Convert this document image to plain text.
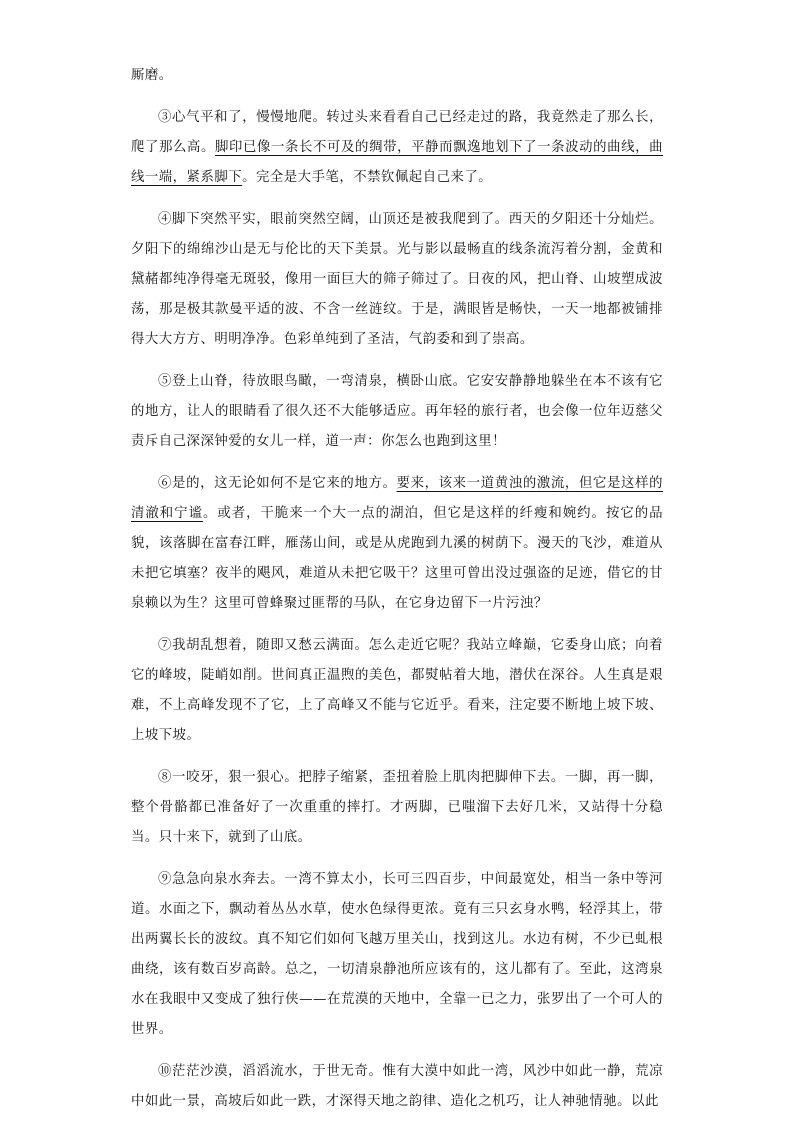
厮磨。

③心气平和了，慢慢地爬。转过头来看看自己已经走过的路，我竟然走了那么长，爬了那么高。脚印已像一条长不可及的绸带，平静而飘逸地划下了一条波动的曲线，曲线一端，紧系脚下。完全是大手笔，不禁钦佩起自己来了。

④脚下突然平实，眼前突然空阔，山顶还是被我爬到了。西天的夕阳还十分灿烂。夕阳下的绵绵沙山是无与伦比的天下美景。光与影以最畅直的线条流泻着分割，金黄和黛赭都纯净得毫无斑驳，像用一面巨大的筛子筛过了。日夜的风，把山脊、山坡塑成波荡，那是极其款曼平适的波、不含一丝涟纹。于是，满眼皆是畅快，一天一地都被铺排得大大方方、明明净净。色彩单纯到了圣洁，气韵委和到了崇高。

⑤登上山脊，待放眼鸟瞰，一弯清泉，横卧山底。它安安静静地躲坐在本不该有它的地方，让人的眼睛看了很久还不大能够适应。再年轻的旅行者，也会像一位年迈慈父责斥自己深深钟爱的女儿一样，道一声：你怎么也跑到这里！

⑥是的，这无论如何不是它来的地方。要来，该来一道黄浊的激流，但它是这样的清澈和宁谧。或者，干脆来一个大一点的湖泊，但它是这样的纤瘦和婉约。按它的品貌，该落脚在富春江畔，雁荡山间，或是从虎跑到九溪的树荫下。漫天的飞沙，难道从未把它填塞？夜半的飓风，难道从未把它吸干？这里可曾出没过强盗的足迹，借它的甘泉赖以为生？这里可曾蜂聚过匪帮的马队，在它身边留下一片污浊？

⑦我胡乱想着，随即又愁云满面。怎么走近它呢？我站立峰巅，它委身山底；向着它的峰坡，陡峭如削。世间真正温煦的美色，都熨帖着大地，潜伏在深谷。人生真是艰难，不上高峰发现不了它，上了高峰又不能与它近乎。看来，注定要不断地上坡下坡、上坡下坡。

⑧一咬牙，狠一狠心。把脖子缩紧，歪扭着脸上肌肉把脚伸下去。一脚，再一脚，整个骨骼都已准备好了一次重重的摔打。才两脚，已嗤溜下去好几米，又站得十分稳当。只十来下，就到了山底。

⑨急急向泉水奔去。一湾不算太小，长可三四百步，中间最宽处，相当一条中等河道。水面之下，飘动着丛丛水草，使水色绿得更浓。竟有三只玄身水鸭，轻浮其上，带出两翼长长的波纹。真不知它们如何飞越万里关山，找到这儿。水边有树，不少已虬根曲绕，该有数百岁高龄。总之，一切清泉静池所应该有的，这儿都有了。至此，这湾泉水在我眼中又变成了独行侠——在荒漠的天地中，全靠一已之力，张罗出了一个可人的世界。

⑩茫茫沙漠，滔滔流水，于世无奇。惟有大漠中如此一湾，风沙中如此一静，荒凉中如此一景，高坡后如此一跌，才深得天地之韵律、造化之机巧，让人神驰情驰。以此
